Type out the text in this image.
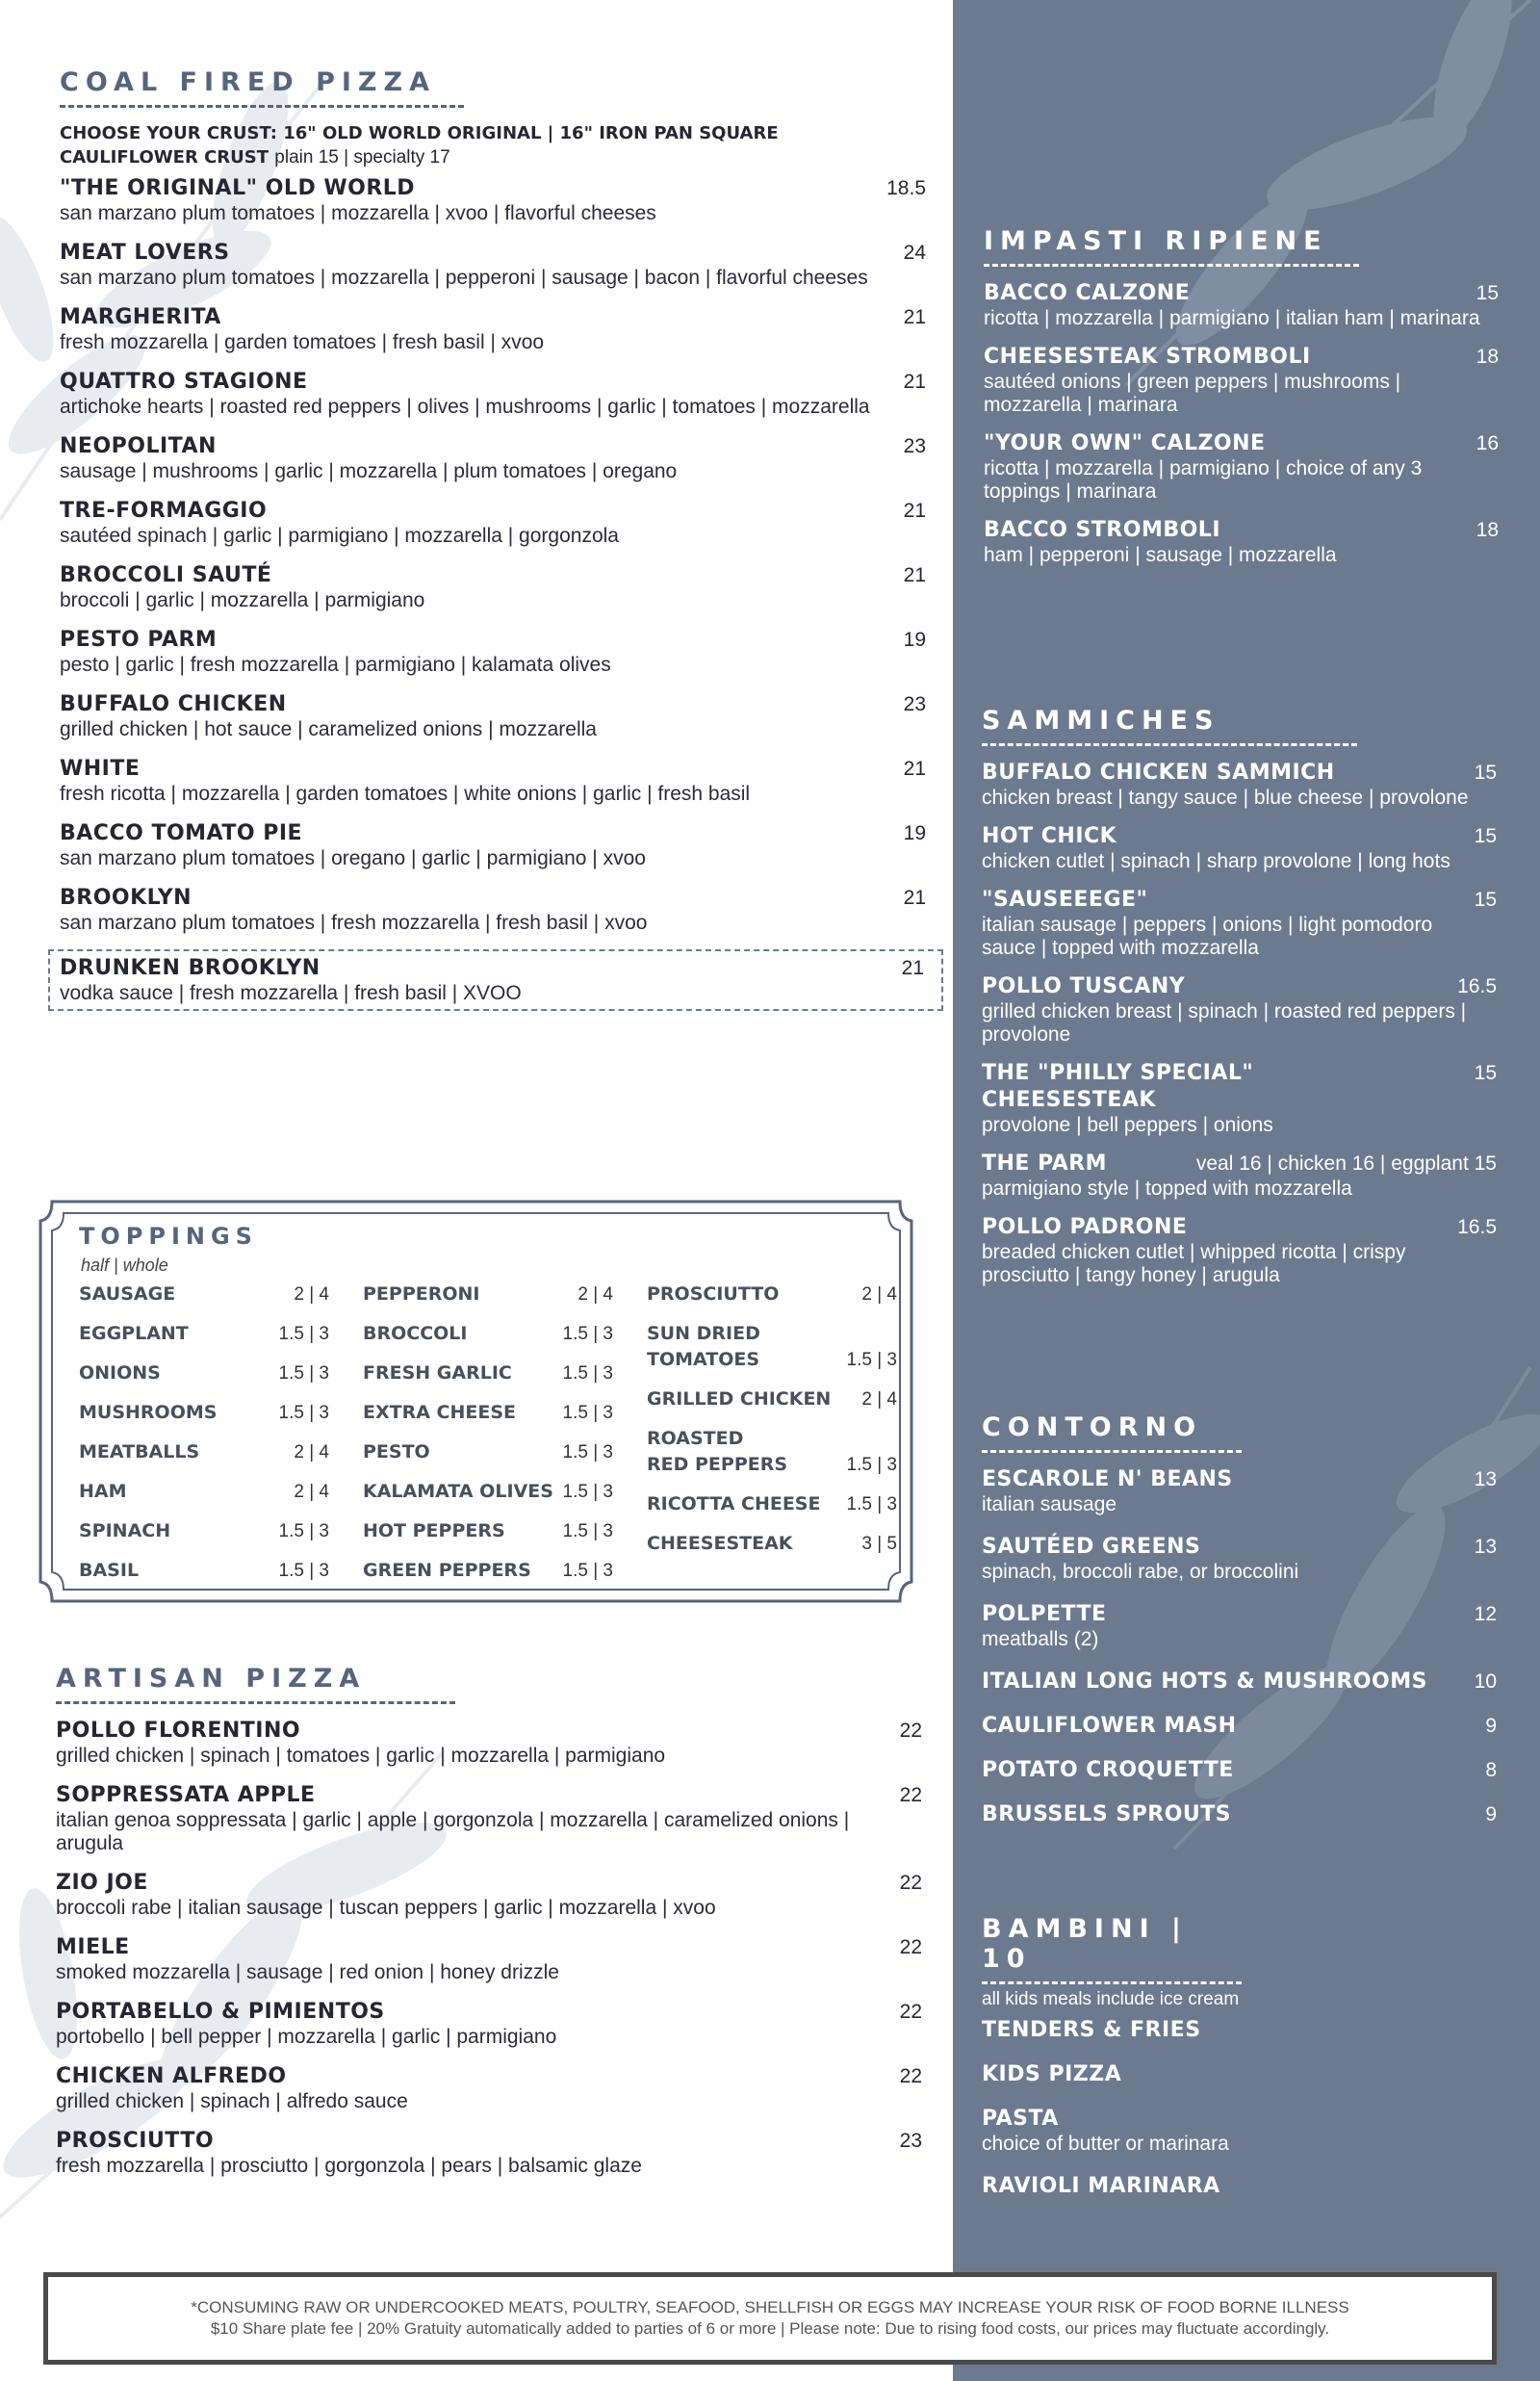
COAL FIRED PIZZA
CHOOSE YOUR CRUST: 16" OLD WORLD ORIGINAL | 16" IRON PAN SQUARE
CAULIFLOWER CRUST plain 15 | specialty 17
"THE ORIGINAL" OLD WORLD	18.5
san marzano plum tomatoes | mozzarella | xvoo | flavorful cheeses
MEAT LOVERS	24
san marzano plum tomatoes | mozzarella | pepperoni | sausage | bacon | flavorful cheeses
MARGHERITA	21
fresh mozzarella | garden tomatoes | fresh basil | xvoo
QUATTRO STAGIONE	21
artichoke hearts | roasted red peppers | olives | mushrooms | garlic | tomatoes | mozzarella
NEOPOLITAN	23
sausage | mushrooms | garlic | mozzarella | plum tomatoes | oregano
TRE-FORMAGGIO	21
sautéed spinach | garlic | parmigiano | mozzarella | gorgonzola
BROCCOLI SAUTÉ	21
broccoli | garlic | mozzarella | parmigiano
PESTO PARM	19
pesto | garlic | fresh mozzarella | parmigiano | kalamata olives
BUFFALO CHICKEN	23
grilled chicken | hot sauce | caramelized onions | mozzarella
WHITE	21
fresh ricotta | mozzarella | garden tomatoes | white onions | garlic | fresh basil
BACCO TOMATO PIE	19
san marzano plum tomatoes | oregano | garlic | parmigiano | xvoo
BROOKLYN	21
san marzano plum tomatoes | fresh mozzarella | fresh basil | xvoo
DRUNKEN BROOKLYN
vodka sauce | fresh mozzarella | fresh basil | XVOO
21
TOPPINGS
half | whole
SAUSAGE	2 | 4
EGGPLANT	1.5 | 3
ONIONS	1.5 | 3
MUSHROOMS	1.5 | 3
MEATBALLS	2 | 4
HAM	2 | 4
SPINACH	1.5 | 3
BASIL	1.5 | 3
PEPPERONI	2 | 4
BROCCOLI	1.5 | 3
FRESH GARLIC	1.5 | 3
EXTRA CHEESE	1.5 | 3
PESTO	1.5 | 3
KALAMATA OLIVES 1.5 | 3
HOT PEPPERS	1.5 | 3
GREEN PEPPERS 1.5 | 3
PROSCIUTTO	2 | 4
SUN DRIED TOMATOES	1.5 | 3
GRILLED CHICKEN 2 | 4
ROASTED RED PEPPERS	1.5 | 3
RICOTTA CHEESE 1.5 | 3
CHEESESTEAK	3 | 5
ARTISAN PIZZA
POLLO FLORENTINO	22
grilled chicken | spinach | tomatoes | garlic | mozzarella | parmigiano
SOPPRESSATA APPLE	22
italian genoa soppressata | garlic | apple | gorgonzola | mozzarella | caramelized onions | arugula
ZIO JOE	22
broccoli rabe | italian sausage | tuscan peppers | garlic | mozzarella | xvoo
MIELE	22
smoked mozzarella | sausage | red onion | honey drizzle
PORTABELLO & PIMIENTOS	22
portobello | bell pepper | mozzarella | garlic | parmigiano
CHICKEN ALFREDO	22
grilled chicken | spinach | alfredo sauce
PROSCIUTTO	23
fresh mozzarella | prosciutto | gorgonzola | pears | balsamic glaze
IMPASTI RIPIENE
BACCO CALZONE	15
ricotta | mozzarella | parmigiano | italian ham | marinara
CHEESESTEAK STROMBOLI	18
sautéed onions | green peppers | mushrooms | mozzarella | marinara
"YOUR OWN" CALZONE	16
ricotta | mozzarella | parmigiano | choice of any 3 toppings | marinara
BACCO STROMBOLI	18
ham | pepperoni | sausage | mozzarella
SAMMICHES
BUFFALO CHICKEN SAMMICH	15
chicken breast | tangy sauce | blue cheese | provolone
HOT CHICK	15
chicken cutlet | spinach | sharp provolone | long hots
"SAUSEEEGE"	15
italian sausage | peppers | onions | light pomodoro sauce | topped with mozzarella
POLLO TUSCANY	16.5
grilled chicken breast | spinach | roasted red peppers | provolone
THE "PHILLY SPECIAL" CHEESESTEAK
15
provolone | bell peppers | onions
THE PARM	veal 16 | chicken 16 | eggplant 15
parmigiano style | topped with mozzarella
POLLO PADRONE	16.5
breaded chicken cutlet | whipped ricotta | crispy prosciutto | tangy honey | arugula
CONTORNO
ESCAROLE N' BEANS	13
italian sausage
SAUTÉED GREENS	13
spinach, broccoli rabe, or broccolini
POLPETTE	12
meatballs (2)
ITALIAN LONG HOTS & MUSHROOMS	10
CAULIFLOWER MASH	9
POTATO CROQUETTE	8
BRUSSELS SPROUTS	9
BAMBINI | 10
all kids meals include ice cream
TENDERS & FRIES
KIDS PIZZA
PASTA
choice of butter or marinara
RAVIOLI MARINARA
*CONSUMING RAW OR UNDERCOOKED MEATS, POULTRY, SEAFOOD, SHELLFISH OR EGGS MAY INCREASE YOUR RISK OF FOOD BORNE ILLNESS
$10 Share plate fee | 20% Gratuity automatically added to parties of 6 or more | Please note: Due to rising food costs, our prices may fluctuate accordingly.
